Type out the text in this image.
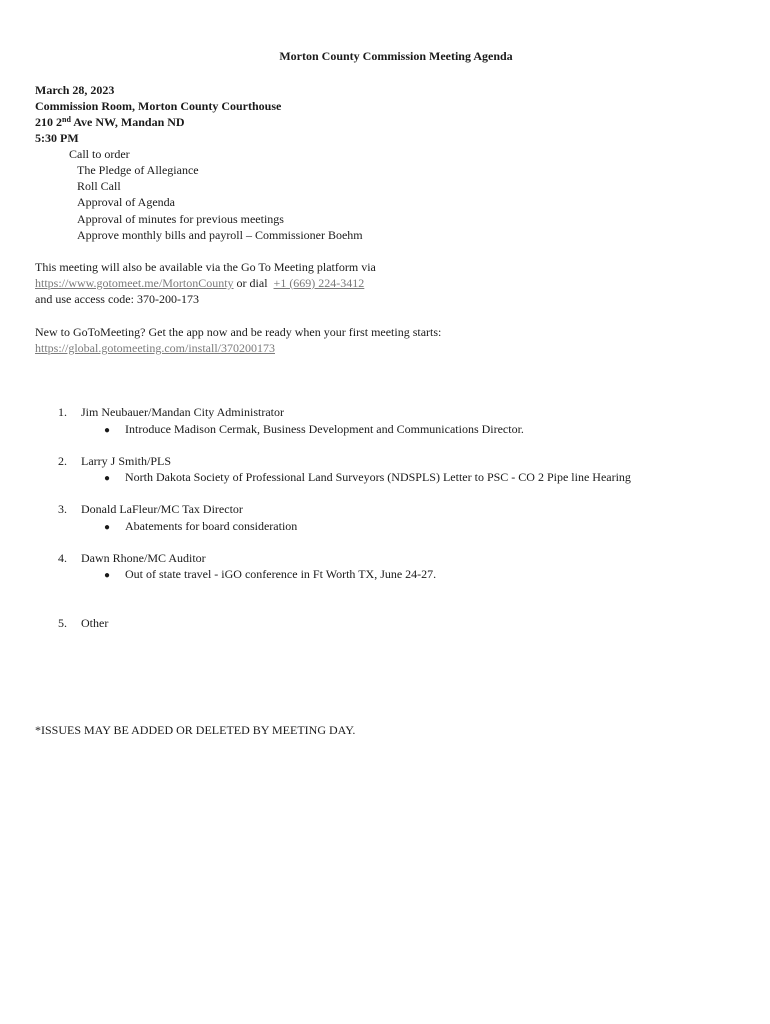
Morton County Commission Meeting Agenda
March 28, 2023
Commission Room, Morton County Courthouse
210 2nd Ave NW, Mandan ND
5:30 PM
Call to order
The Pledge of Allegiance
Roll Call
Approval of Agenda
Approval of minutes for previous meetings
Approve monthly bills and payroll – Commissioner Boehm
This meeting will also be available via the Go To Meeting platform via
https://www.gotomeet.me/MortonCounty or dial  +1 (669) 224-3412
and use access code: 370-200-173
New to GoToMeeting? Get the app now and be ready when your first meeting starts:
https://global.gotomeeting.com/install/370200173
1. Jim Neubauer/Mandan City Administrator
● Introduce Madison Cermak, Business Development and Communications Director.
2. Larry J Smith/PLS
● North Dakota Society of Professional Land Surveyors (NDSPLS) Letter to PSC - CO 2 Pipe line Hearing
3. Donald LaFleur/MC Tax Director
● Abatements for board consideration
4. Dawn Rhone/MC Auditor
● Out of state travel - iGO conference in Ft Worth TX, June 24-27.
5. Other
*ISSUES MAY BE ADDED OR DELETED BY MEETING DAY.
